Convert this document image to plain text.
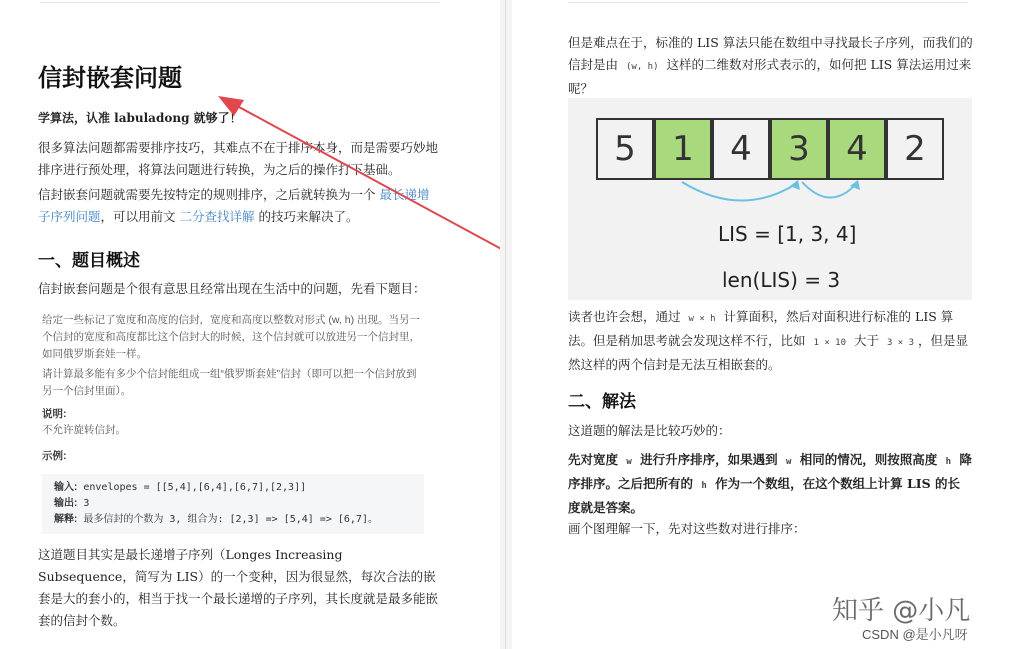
信封嵌套问题
学算法，认准 labuladong 就够了！
很多算法问题都需要排序技巧，其难点不在于排序本身，而是需要巧妙地排序进行预处理，将算法问题进行转换，为之后的操作打下基础。
信封嵌套问题就需要先按特定的规则排序，之后就转换为一个 最长递增子序列问题，可以用前文 二分查找详解 的技巧来解决了。
一、题目概述
信封嵌套问题是个很有意思且经常出现在生活中的问题，先看下题目：
给定一些标记了宽度和高度的信封，宽度和高度以整数对形式 (w, h) 出现。当另一个信封的宽度和高度都比这个信封大的时候，这个信封就可以放进另一个信封里，如同俄罗斯套娃一样。
请计算最多能有多少个信封能组成一组“俄罗斯套娃”信封（即可以把一个信封放到另一个信封里面）。
说明:
不允许旋转信封。
示例:
输入: envelopes = [[5,4],[6,4],[6,7],[2,3]]
输出: 3
解释: 最多信封的个数为 3, 组合为: [2,3] => [5,4] => [6,7]。
这道题目其实是最长递增子序列（Longes Increasing Subsequence，简写为 LIS）的一个变种，因为很显然，每次合法的嵌套是大的套小的，相当于找一个最长递增的子序列，其长度就是最多能嵌套的信封个数。
但是难点在于，标准的 LIS 算法只能在数组中寻找最长子序列，而我们的信封是由 (w, h) 这样的二维数对形式表示的，如何把 LIS 算法运用过来呢？
5	1	4	3	4	2
LIS = [1, 3, 4]
len(LIS) = 3
读者也许会想，通过 w × h 计算面积，然后对面积进行标准的 LIS 算法。但是稍加思考就会发现这样不行，比如 1 × 10 大于 3 × 3 ，但是显然这样的两个信封是无法互相嵌套的。
二、解法
这道题的解法是比较巧妙的：
先对宽度 w 进行升序排序，如果遇到 w 相同的情况，则按照高度 h 降序排序。之后把所有的 h 作为一个数组，在这个数组上计算 LIS 的长度就是答案。
画个图理解一下，先对这些数对进行排序：
知乎 @小凡
CSDN @是小凡呀
